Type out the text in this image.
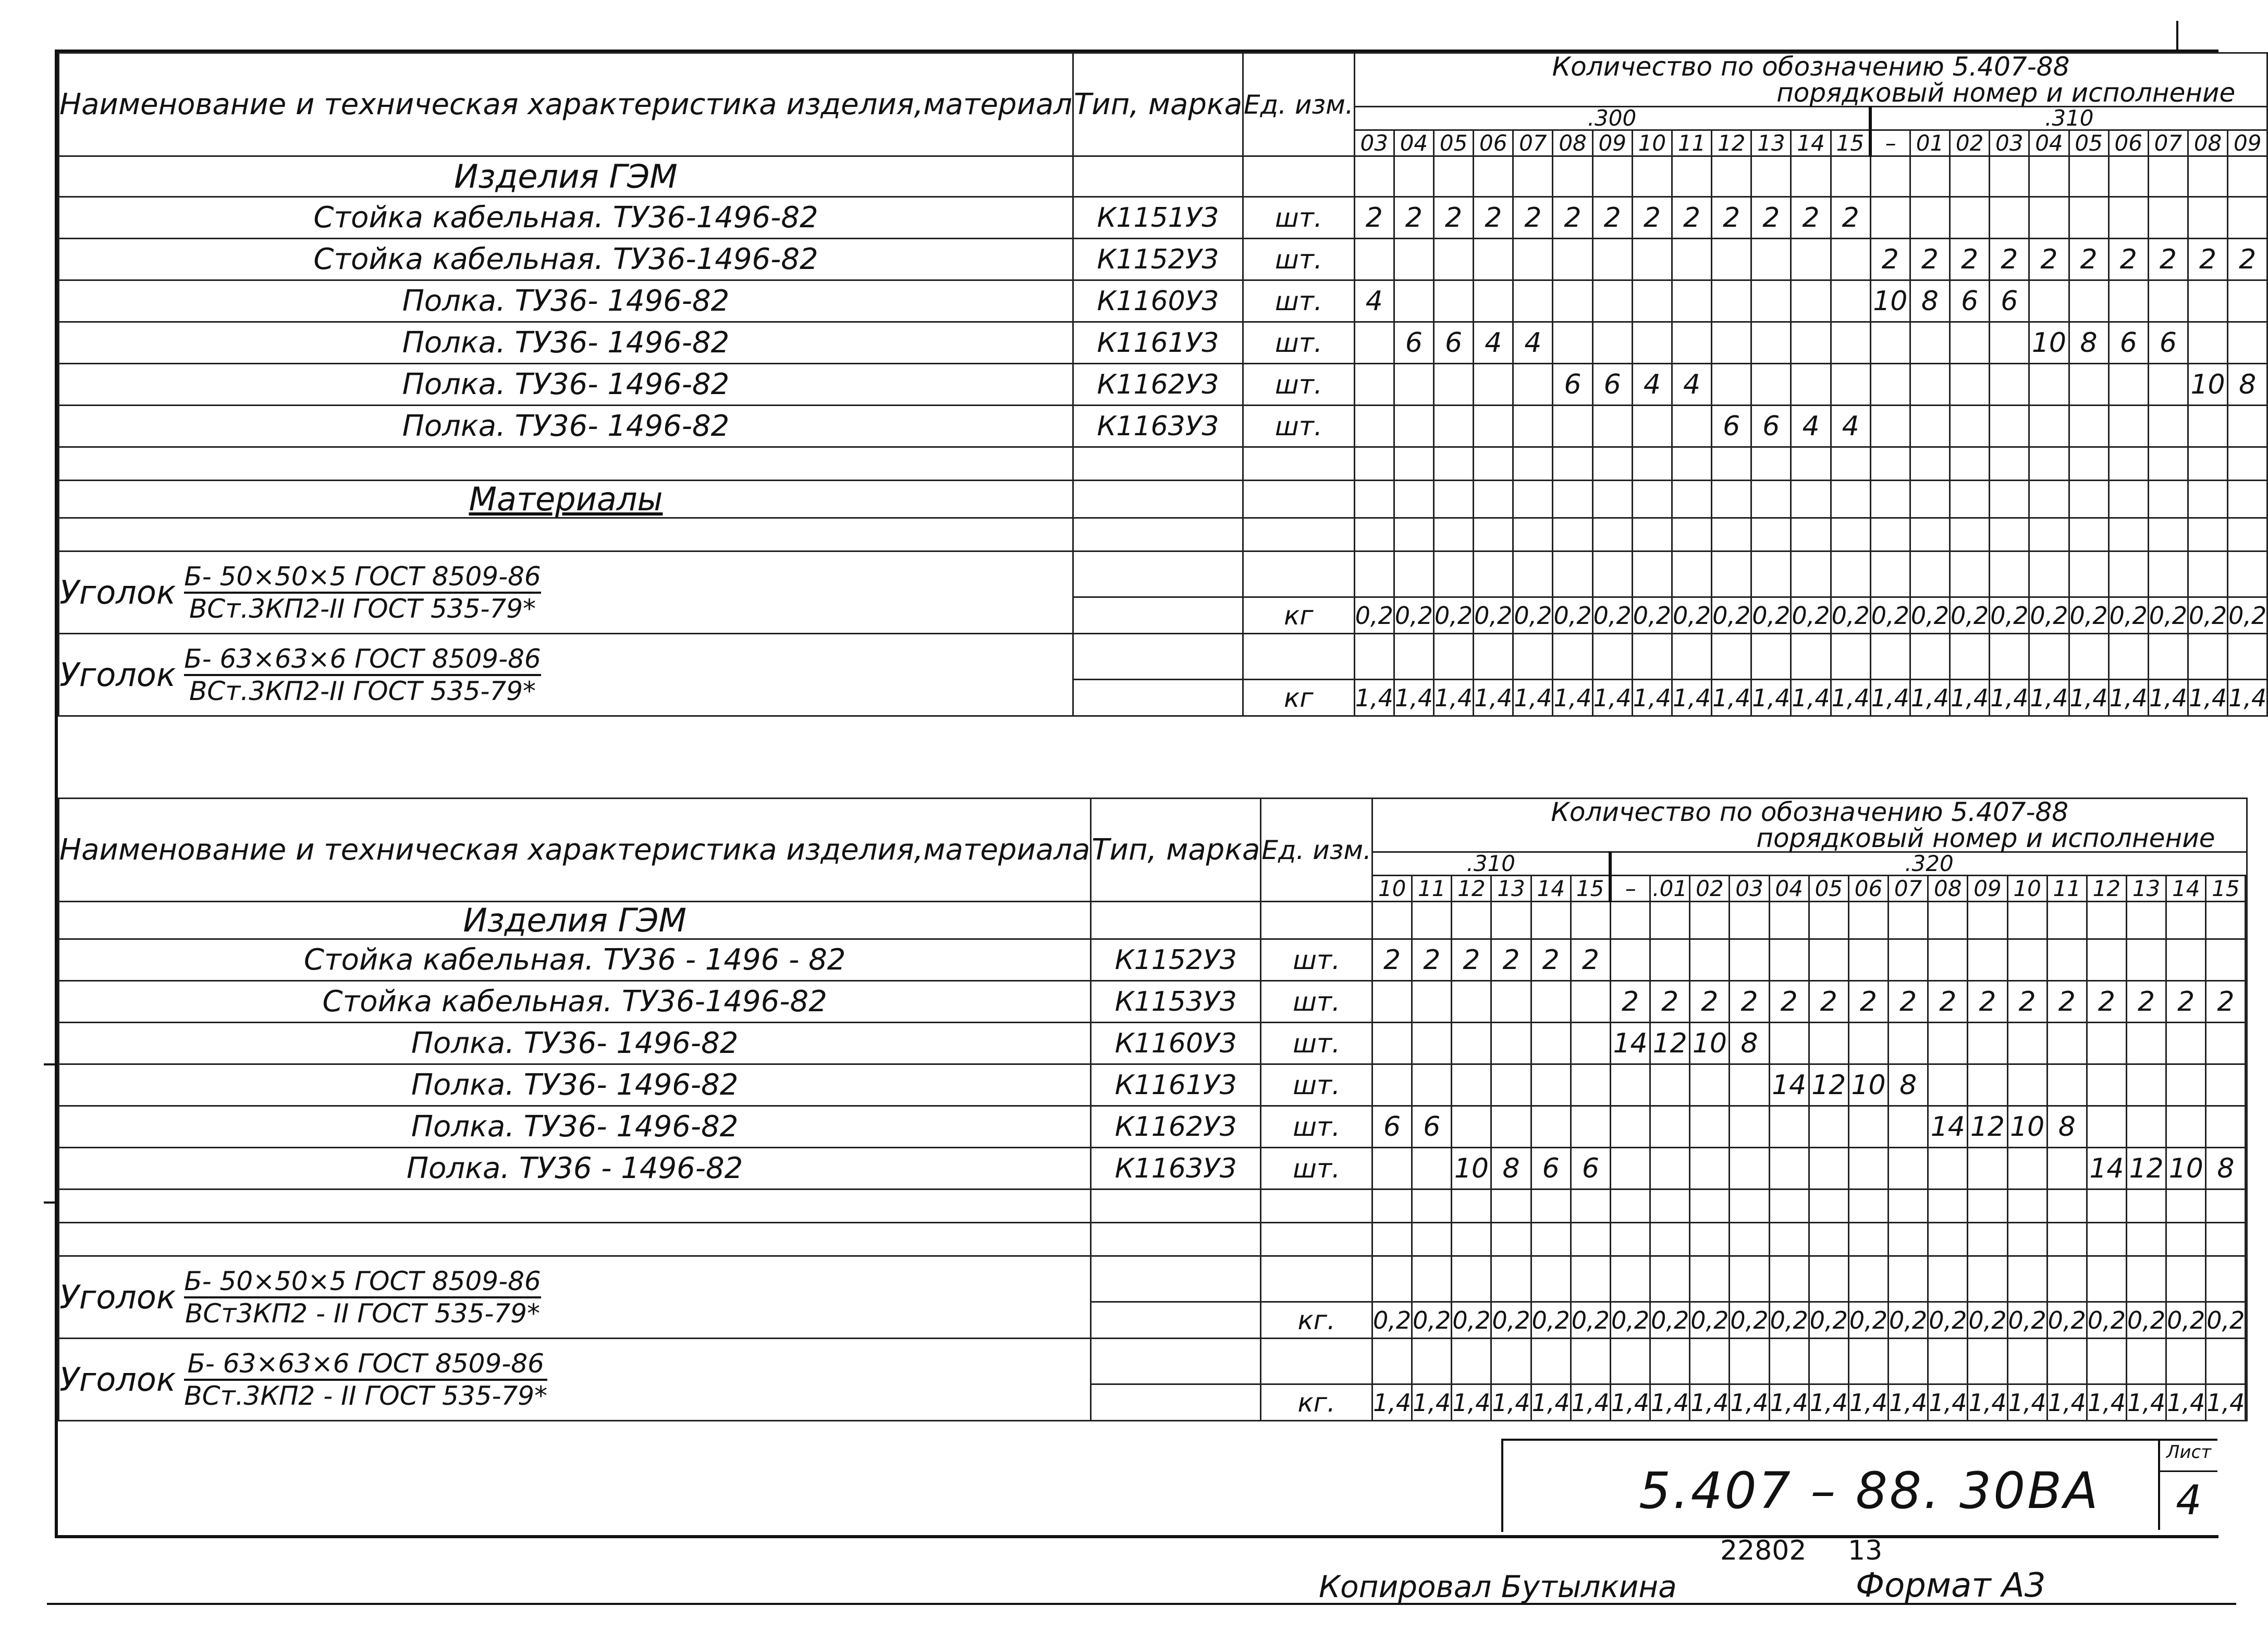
Наименование и техническая характеристика изделия,материал	Тип, марка	Ед. изм.	Количество по обозначению 5.407-88
порядковый номер и исполнение																						

			.300													.310									
			03	04	05	06	07	08	09	10	11	12	13	14	15	–	01	02	03	04	05	06	07	08	09
Изделия ГЭМ																									
Стойка кабельная. ТУ36-1496-82	К1151У3	шт.	2	2	2	2	2	2	2	2	2	2	2	2	2										
Стойка кабельная. ТУ36-1496-82	К1152У3	шт.														2	2	2	2	2	2	2	2	2	2
Полка. ТУ36- 1496-82	К1160У3	шт.	4													10	8	6	6						
Полка. ТУ36- 1496-82	К1161У3	шт.		6	6	4	4													10	8	6	6		
Полка. ТУ36- 1496-82	К1162У3	шт.						6	6	4	4													10	8
Полка. ТУ36- 1496-82	К1163У3	шт.										6	6	4	4										

Материалы																									

Уголок $\frac{\text{Б- 50×50×5 ГОСТ 8509-86}}{\text{ВСт.3КП2-II ГОСТ 535-79*}}$

		кг	0,2	0,2	0,2	0,2	0,2	0,2	0,2	0,2	0,2	0,2	0,2	0,2	0,2	0,2	0,2	0,2	0,2	0,2	0,2	0,2	0,2	0,2	0,2

Уголок $\frac{\text{Б- 63×63×6 ГОСТ 8509-86}}{\text{ВСт.3КП2-II ГОСТ 535-79*}}$

		кг	1,4	1,4	1,4	1,4	1,4	1,4	1,4	1,4	1,4	1,4	1,4	1,4	1,4	1,4	1,4	1,4	1,4	1,4	1,4	1,4	1,4	1,4	1,4
Наименование и техническая характеристика изделия,материала	Тип, марка	Ед. изм.	Количество по обозначению 5.407-88
порядковый номер и исполнение																						

			.310						.320																
			10	11	12	13	14	15	–	.01	02	03	04	05	06	07	08	09	10	11	12	13	14	15	
Изделия ГЭМ																									
Стойка кабельная. ТУ36 - 1496 - 82	К1152У3	шт.	2	2	2	2	2	2																	
Стойка кабельная. ТУ36-1496-82	К1153У3	шт.							2	2	2	2	2	2	2	2	2	2	2	2	2	2	2	2	
Полка. ТУ36- 1496-82	К1160У3	шт.							14	12	10	8													
Полка. ТУ36- 1496-82	К1161У3	шт.											14	12	10	8									
Полка. ТУ36- 1496-82	К1162У3	шт.	6	6													14	12	10	8					
Полка. ТУ36 - 1496-82	К1163У3	шт.			10	8	6	6													14	12	10	8	

Уголок $\frac{\text{Б- 50×50×5 ГОСТ 8509-86}}{\text{ВСт3КП2 - II ГОСТ 535-79*}}$

		кг.	0,2	0,2	0,2	0,2	0,2	0,2	0,2	0,2	0,2	0,2	0,2	0,2	0,2	0,2	0,2	0,2	0,2	0,2	0,2	0,2	0,2	0,2	

Уголок $\frac{\text{Б- 63×63×6 ГОСТ 8509-86}}{\text{ВСт.3КП2 - II ГОСТ 535-79*}}$

		кг.	1,4	1,4	1,4	1,4	1,4	1,4	1,4	1,4	1,4	1,4	1,4	1,4	1,4	1,4	1,4	1,4	1,4	1,4	1,4	1,4	1,4	1,4	
5.407 – 88. 30ВА
Лист
4
22802 13
Копировал Бутылкина	Формат А3
